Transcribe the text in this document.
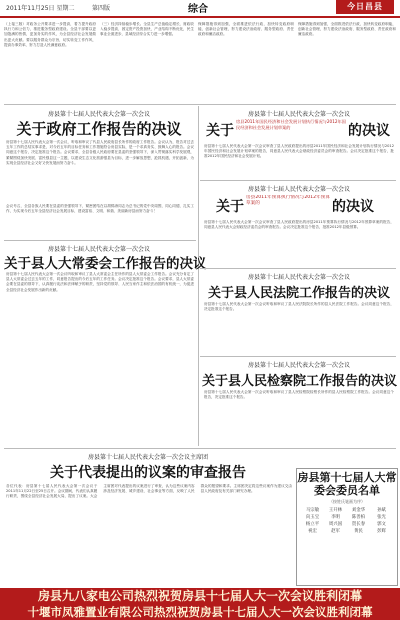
2011年11月25日 星期二	第四版	综合	今日昌县

（上接三版）对政务公开要求进一步提高，着力提升政府执行力和公信力，推进服务型政府建设。全县干部要以更加饱满的热情，更加务实的作风，为全县经济社会发展做出更大贡献。要以服务群众为宗旨，切实转变工作作风，提高办事效率，努力打造人民满意政府。

（三）经济持续稳步增长。全县生产总值稳定增长，财政收入稳步提高，固定资产投资加快，产业结构不断优化，民生事业全面进步，县域经济综合实力进一步增强。

保障措施得到加强，全面推进依法行政，加快转变政府职能，创新社会管理，努力建设法治政府、服务型政府、责任政府和廉洁政府。

保障措施得到加强，全面推进依法行政，加快转变政府职能，创新社会管理，努力建设法治政府、服务型政府、责任政府和廉洁政府。

房县第十七届人民代表大会第一次会议
关于政府工作报告的决议

房县第十七届人民代表大会第一次会议，听取和审议了代县人民政府县长所作的政府工作报告。会议认为，报告对过去五年工作的总结实事求是，对今后五年的目标任务和工作措施符合房县实际，是一个求真务实、鼓舞人心的报告。会议同意这个报告，决定批准这个报告。会议要求，全县各级人民政府要在县委的坚强领导下，深入贯彻落实科学发展观，紧紧围绕加快发展、富民强县这一主题，以建设生态文化旅游强县为目标，进一步解放思想，抢抓机遇，开拓创新，为实现全县经济社会又好又快发展而努力奋斗。

会议号召，全县各族人民要在县委的坚强领导下，紧密团结在以胡锦涛同志为总书记的党中央周围，同心同德，扎实工作，为实现今后五年全县经济社会发展目标，建设富裕、文明、和谐、美丽新房县而努力奋斗！

房县第十七届人民代表大会第一次会议
关于
房县2011年国民经济和社会发展计划执行情况与2012年国民经济和社会发展计划草案的	的决议

房县第十七届人民代表大会第一次会议审查了县人民政府提出的房县2011年国民经济和社会发展计划执行情况与2012年国民经济和社会发展计划草案的报告，同意县人民代表大会财政经济委员会的审查报告。会议决定批准这个报告，批准2012年国民经济和社会发展计划。

房县第十七届人民代表大会第一次会议
关于
房县2011年预算执行情况与2012年预算草案的	的决议

房县第十七届人民代表大会第一次会议审查了县人民政府提出的房县2011年预算执行情况与2012年预算草案的报告，同意县人民代表大会财政经济委员会的审查报告。会议决定批准这个报告，批准2012年县级预算。

房县第十七届人民代表大会第一次会议
关于县人大常委会工作报告的决议

房县第十七届人民代表大会第一次会议听取和审议了县人大常委会主任所作的县人大常委会工作报告。会议充分肯定了县人大常委会过去五年的工作，同意报告提出的今后五年的工作任务。会议决定批准这个报告。会议要求，县人大常委会要在县委的领导下，认真履行宪法和法律赋予的职责，坚持党的领导、人民当家作主和依法治国的有机统一，为促进全县经济社会发展作出新的贡献。

房县第十七届人民代表大会第一次会议
关于县人民法院工作报告的决议

房县第十七届人民代表大会第一次会议听取和审议了县人民法院院长所作的县人民法院工作报告。会议同意这个报告，决定批准这个报告。

房县第十七届人民代表大会第一次会议
关于县人民检察院工作报告的决议

房县第十七届人民代表大会第一次会议听取和审议了县人民检察院检察长所作的县人民检察院工作报告。会议同意这个报告，决定批准这个报告。

房县第十七届人民代表大会第一次会议主席团
关于代表提出的议案的审查报告

各位代表：房县第十七届人民代表大会第一次会议于2011年11月22日至25日召开。会议期间，代表们认真履行职责，围绕全县经济社会发展大局，提出了议案。大会主席团对代表提出的议案进行了审查，认为这些议案内容涉及经济发展、城乡建设、社会事业等方面，反映了人民群众的愿望和要求。主席团决定将这些议案作为建议交由县人民政府及有关部门研究办理。

房县第十七届人大常委会委员名单
（按姓氏笔画为序）
马宗敏	王开林	刘金华	孙斌
向玉宝	李明	陈善柏	张光
杨立平	周兴国	贺长春	郭文
祝宏	赵军	黄民	彭辉
房县九八家电公司热烈祝贺房县十七届人大一次会议胜利闭幕
十堰市凤雅置业有限公司热烈祝贺房县十七届人大一次会议胜利闭幕
